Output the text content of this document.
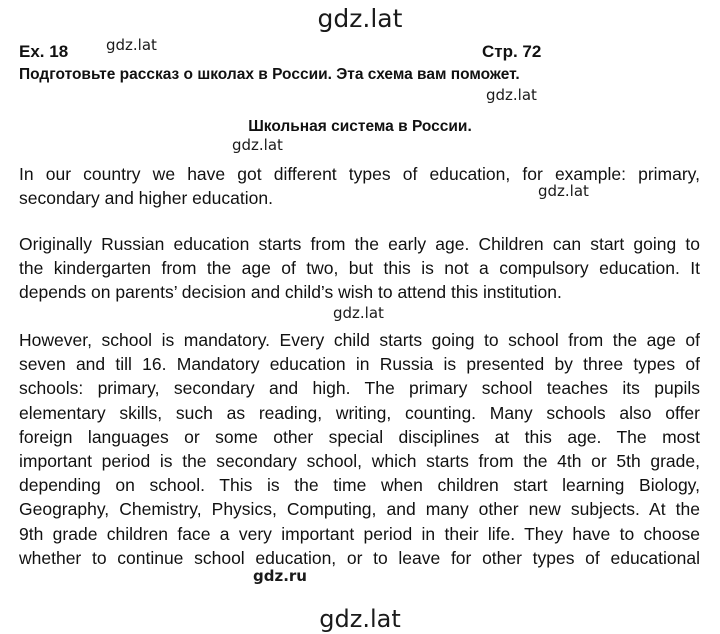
gdz.lat
Ex. 18	gdz.lat	Стр. 72
Подготовьте рассказ о школах в России. Эта схема вам поможет.
gdz.lat
Школьная система в России.
gdz.lat
In our country we have got different types of education, for example: primary,
secondary and higher education.	gdz.lat
Originally Russian education starts from the early age. Children can start going to
the kindergarten from the age of two, but this is not a compulsory education. It
depends on parents’ decision and child’s wish to attend this institution.
gdz.lat
However, school is mandatory. Every child starts going to school from the age of
seven and till 16. Mandatory education in Russia is presented by three types of
schools: primary, secondary and high. The primary school teaches its pupils
elementary skills, such as reading, writing, counting. Many schools also offer
foreign languages or some other special disciplines at this age. The most
important period is the secondary school, which starts from the 4th or 5th grade,
depending on school. This is the time when children start learning Biology,
Geography, Chemistry, Physics, Computing, and many other new subjects. At the
9th grade children face a very important period in their life. They have to choose
whether to continue school education, or to leave for other types of educational
gdz.ru
gdz.lat
